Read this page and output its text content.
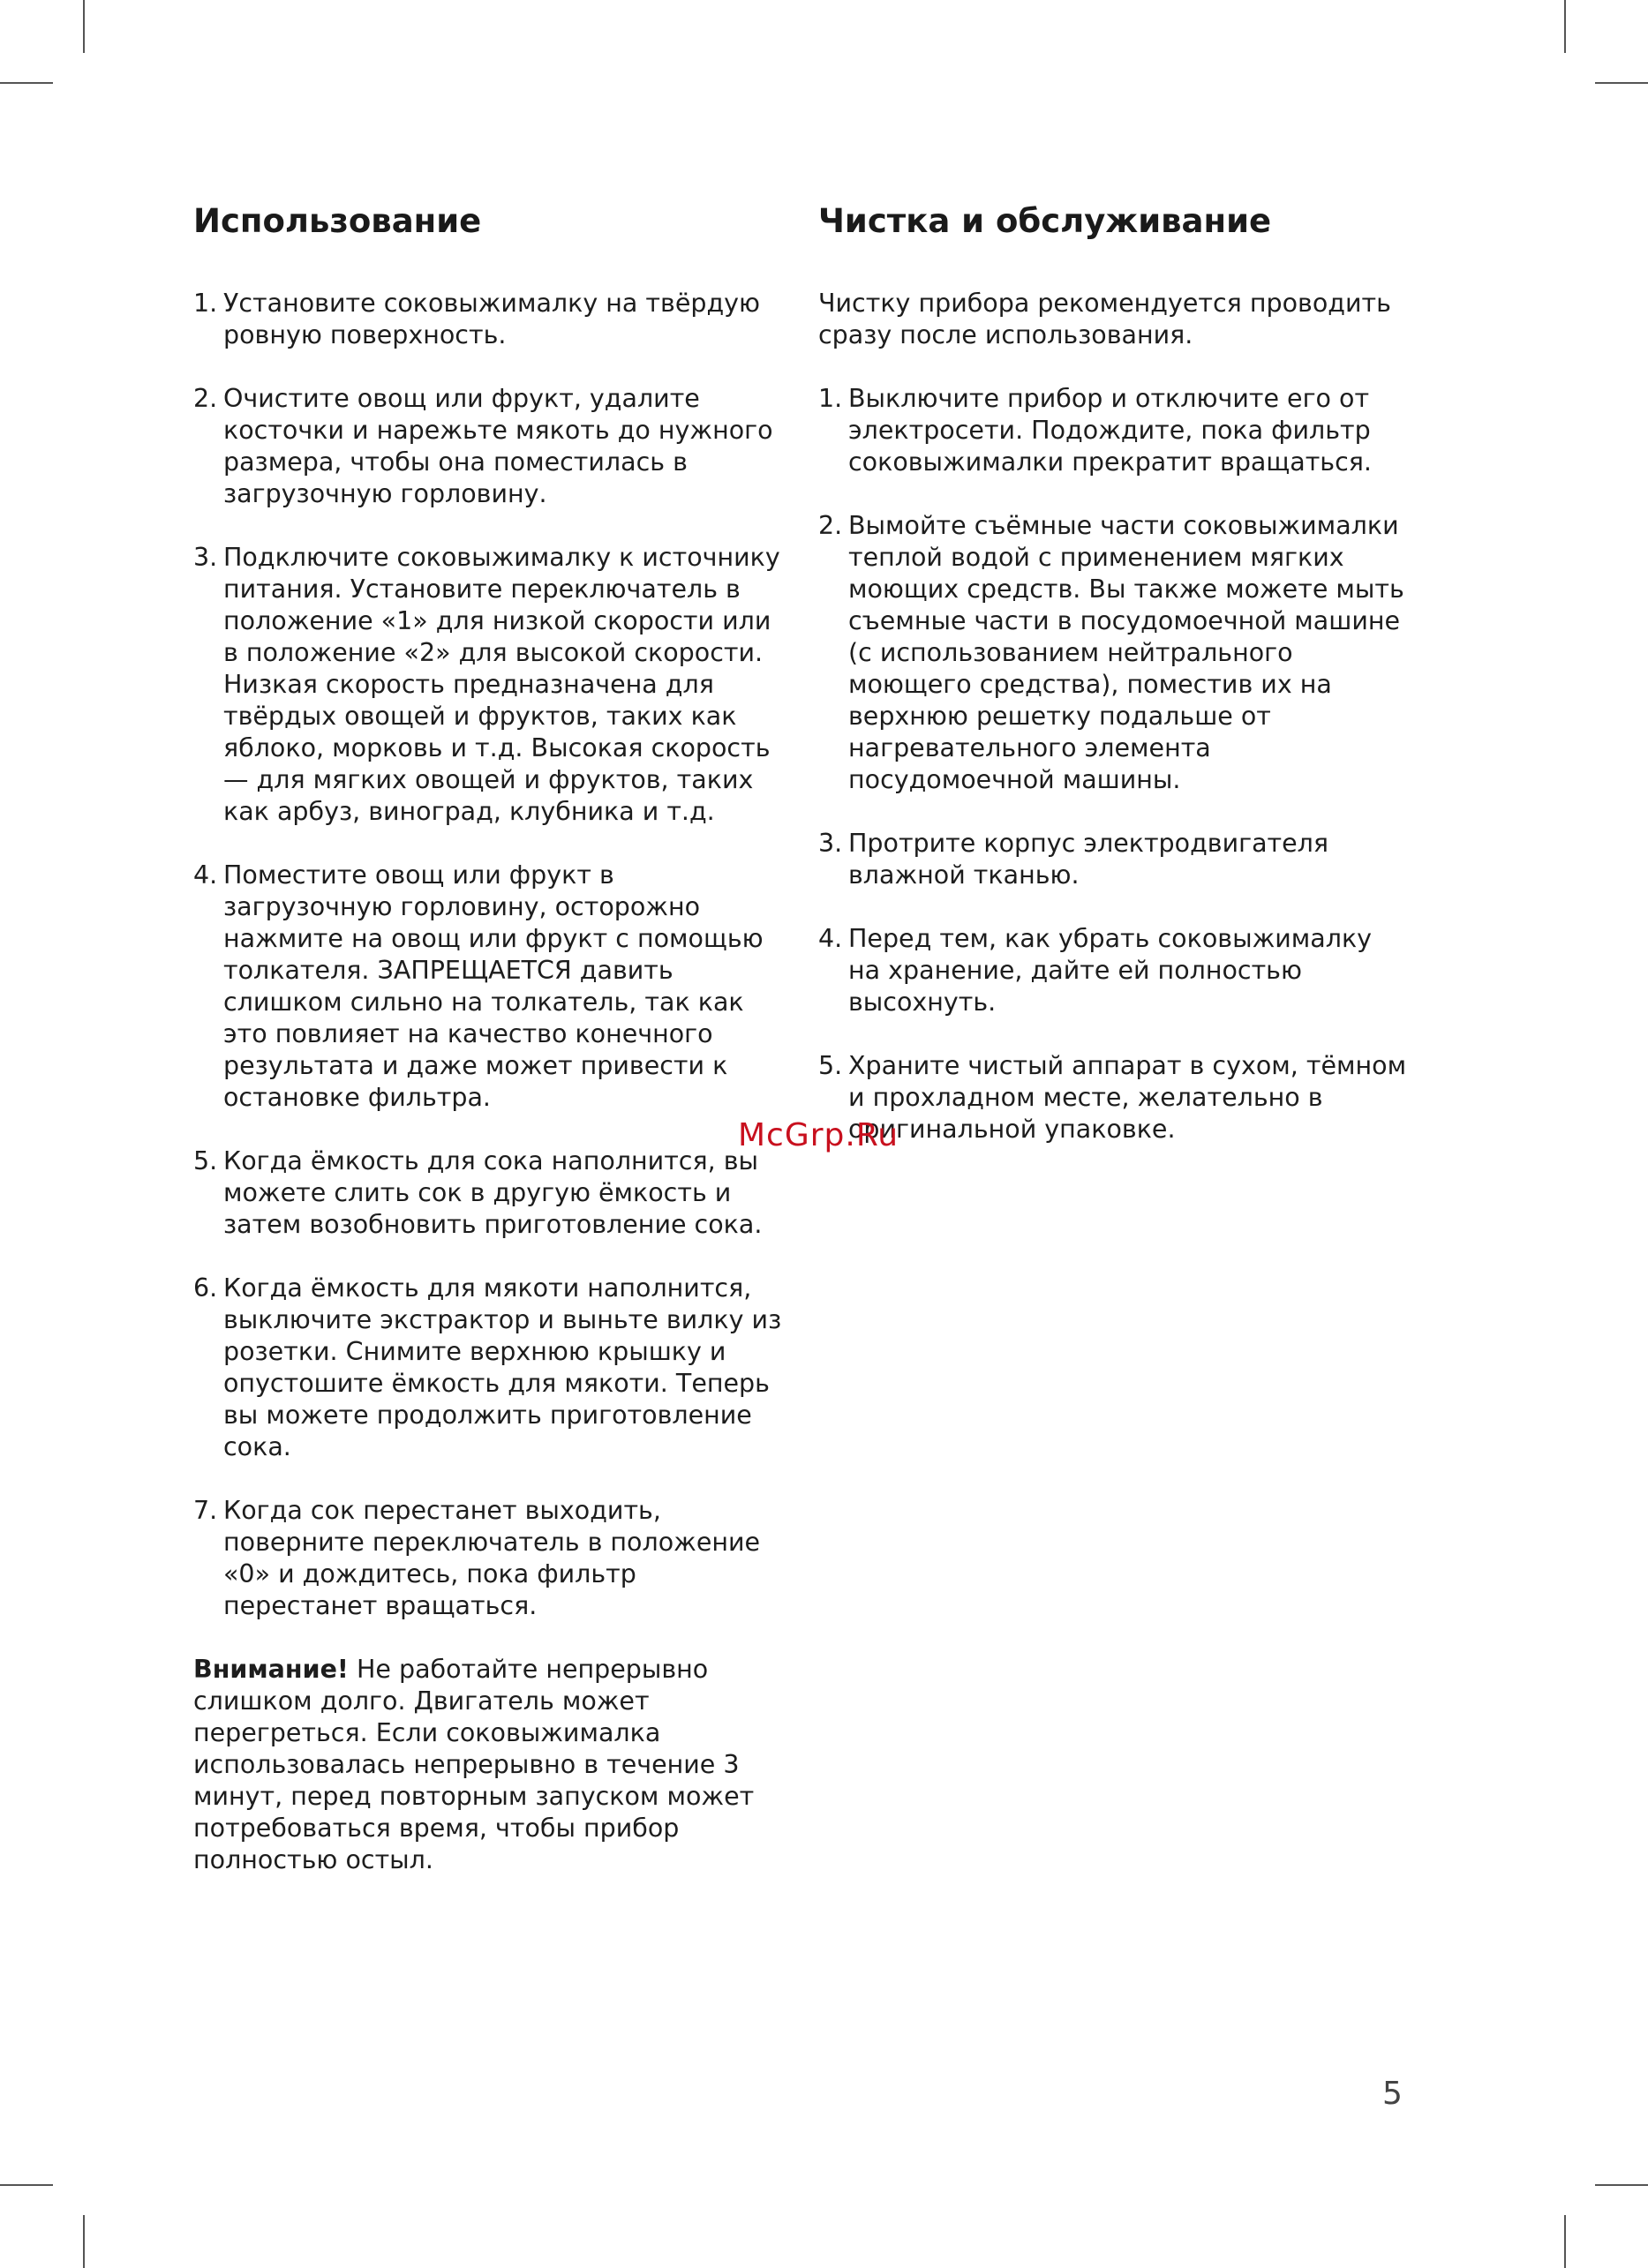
Использование
1. Установите соковыжималку на твёрдую ровную поверхность.
2. Очистите овощ или фрукт, удалите косточки и нарежьте мякоть до нужного размера, чтобы она поместилась в загрузочную горловину.
3. Подключите соковыжималку к источнику питания. Установите переключатель в положение «1» для низкой скорости или в положение «2» для высокой скорости. Низкая скорость предназначена для твёрдых овощей и фруктов, таких как яблоко, морковь и т.д. Высокая скорость — для мягких овощей и фруктов, таких как арбуз, виноград, клубника и т.д.
4. Поместите овощ или фрукт в загрузочную горловину, осторожно нажмите на овощ или фрукт с помощью толкателя. ЗАПРЕЩАЕТСЯ давить слишком сильно на толкатель, так как это повлияет на качество конечного результата и даже может привести к остановке фильтра.
5. Когда ёмкость для сока наполнится, вы можете слить сок в другую ёмкость и затем возобновить приготовление сока.
6. Когда ёмкость для мякоти наполнится, выключите экстрактор и выньте вилку из розетки. Снимите верхнюю крышку и опустошите ёмкость для мякоти. Теперь вы можете продолжить приготовление сока.
7. Когда сок перестанет выходить, поверните переключатель в положение «0» и дождитесь, пока фильтр перестанет вращаться.

Внимание! Не работайте непрерывно слишком долго. Двигатель может перегреться. Если соковыжималка использовалась непрерывно в течение 3 минут, перед повторным запуском может потребоваться время, чтобы прибор полностью остыл.

Чистка и обслуживание

Чистку прибора рекомендуется проводить сразу после использования.

1. Выключите прибор и отключите его от электросети. Подождите, пока фильтр соковыжималки прекратит вращаться.
2. Вымойте съёмные части соковыжималки теплой водой с применением мягких моющих средств. Вы также можете мыть съемные части в посудомоечной машине (с использованием нейтрального моющего средства), поместив их на верхнюю решетку подальше от нагревательного элемента посудомоечной машины.
3. Протрите корпус электродвигателя влажной тканью.
4. Перед тем, как убрать соковыжималку на хранение, дайте ей полностью высохнуть.
5. Храните чистый аппарат в сухом, тёмном и прохладном месте, желательно в оригинальной упаковке.
McGrp.Ru
5
